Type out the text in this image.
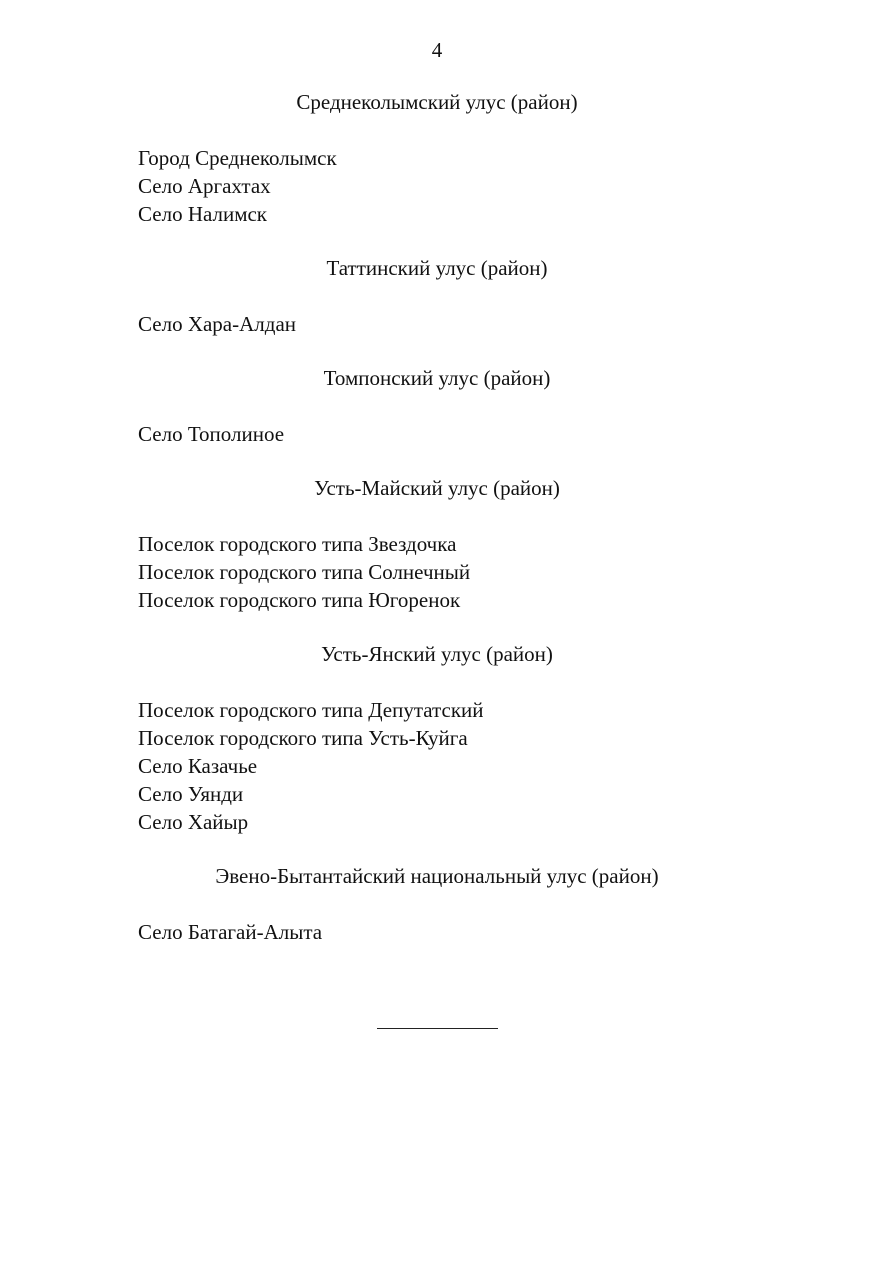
4

Среднеколымский улус (район)

Город Среднеколымск
Село Аргахтах
Село Налимск

Таттинский улус (район)

Село Хара-Алдан

Томпонский улус (район)

Село Тополиное

Усть-Майский улус (район)

Поселок городского типа Звездочка
Поселок городского типа Солнечный
Поселок городского типа Югоренок

Усть-Янский улус (район)

Поселок городского типа Депутатский
Поселок городского типа Усть-Куйга
Село Казачье
Село Уянди
Село Хайыр

Эвено-Бытантайский национальный улус (район)

Село Батагай-Алыта
